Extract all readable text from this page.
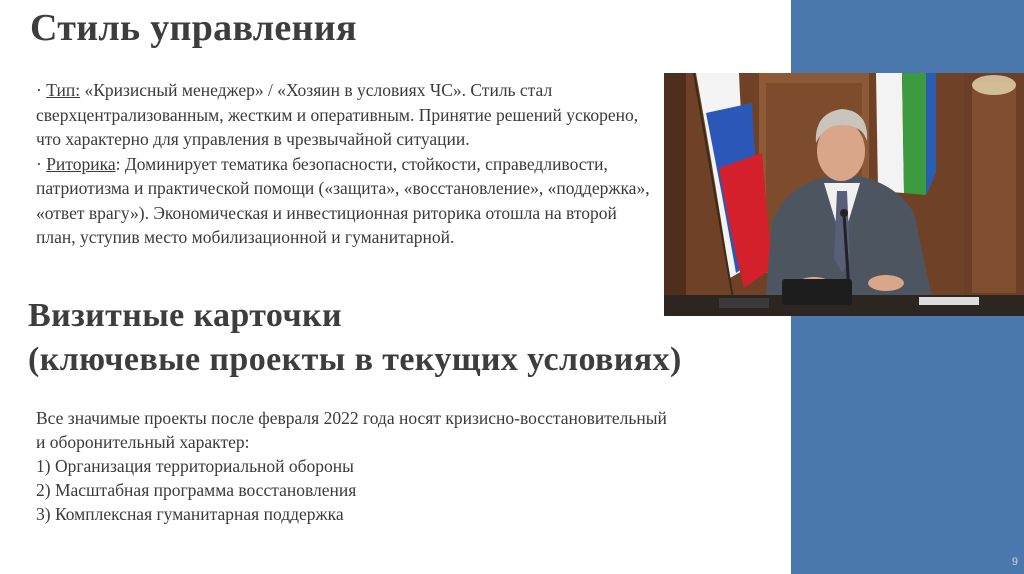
Стиль управления

· Тип: «Кризисный менеджер» / «Хозяин в условиях ЧС». Стиль стал сверхцентрализованным, жестким и оперативным. Принятие решений ускорено, что характерно для управления в чрезвычайной ситуации.

· Риторика: Доминирует тематика безопасности, стойкости, справедливости, патриотизма и практической помощи («защита», «восстановление», «поддержка», «ответ врагу»). Экономическая и инвестиционная риторика отошла на второй план, уступив место мобилизационной и гуманитарной.

Визитные карточки
(ключевые проекты в текущих условиях)

Все значимые проекты после февраля 2022 года носят кризисно-восстановительный

и оборонительный характер:

1) Организация территориальной обороны

2) Масштабная программа восстановления

3) Комплексная гуманитарная поддержка

9
